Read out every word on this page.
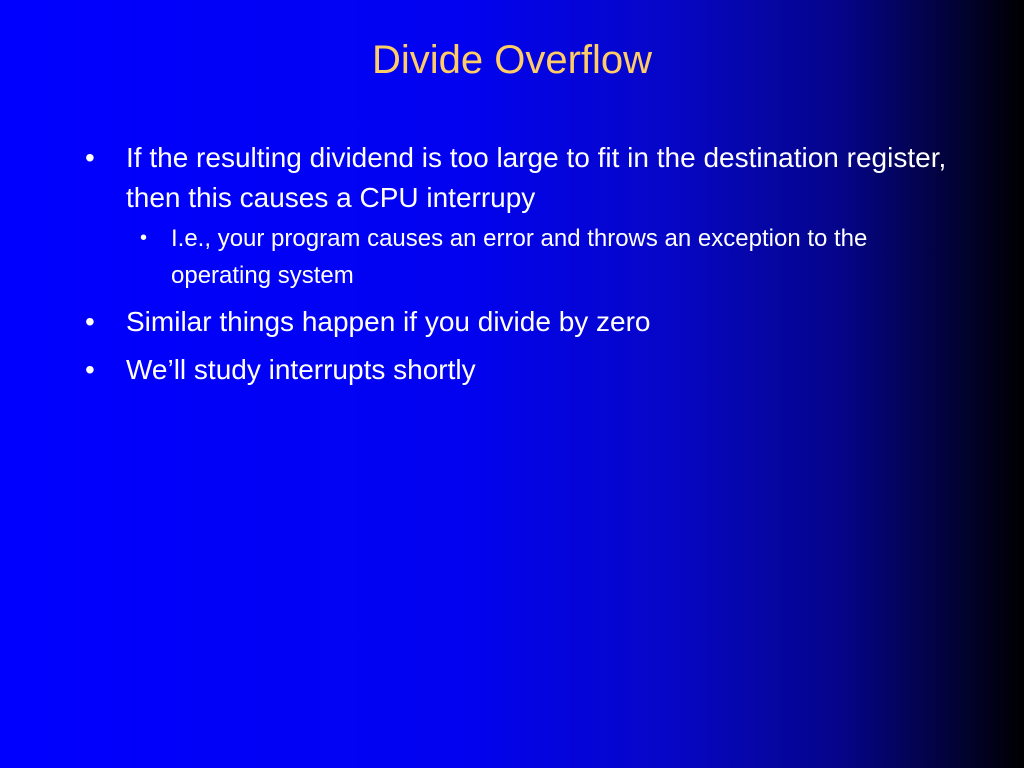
Divide Overflow
• If the resulting dividend is too large to fit in the destination register, then this causes a CPU interrupy
• I.e., your program causes an error and throws an exception to the operating system
• Similar things happen if you divide by zero
• We’ll study interrupts shortly
